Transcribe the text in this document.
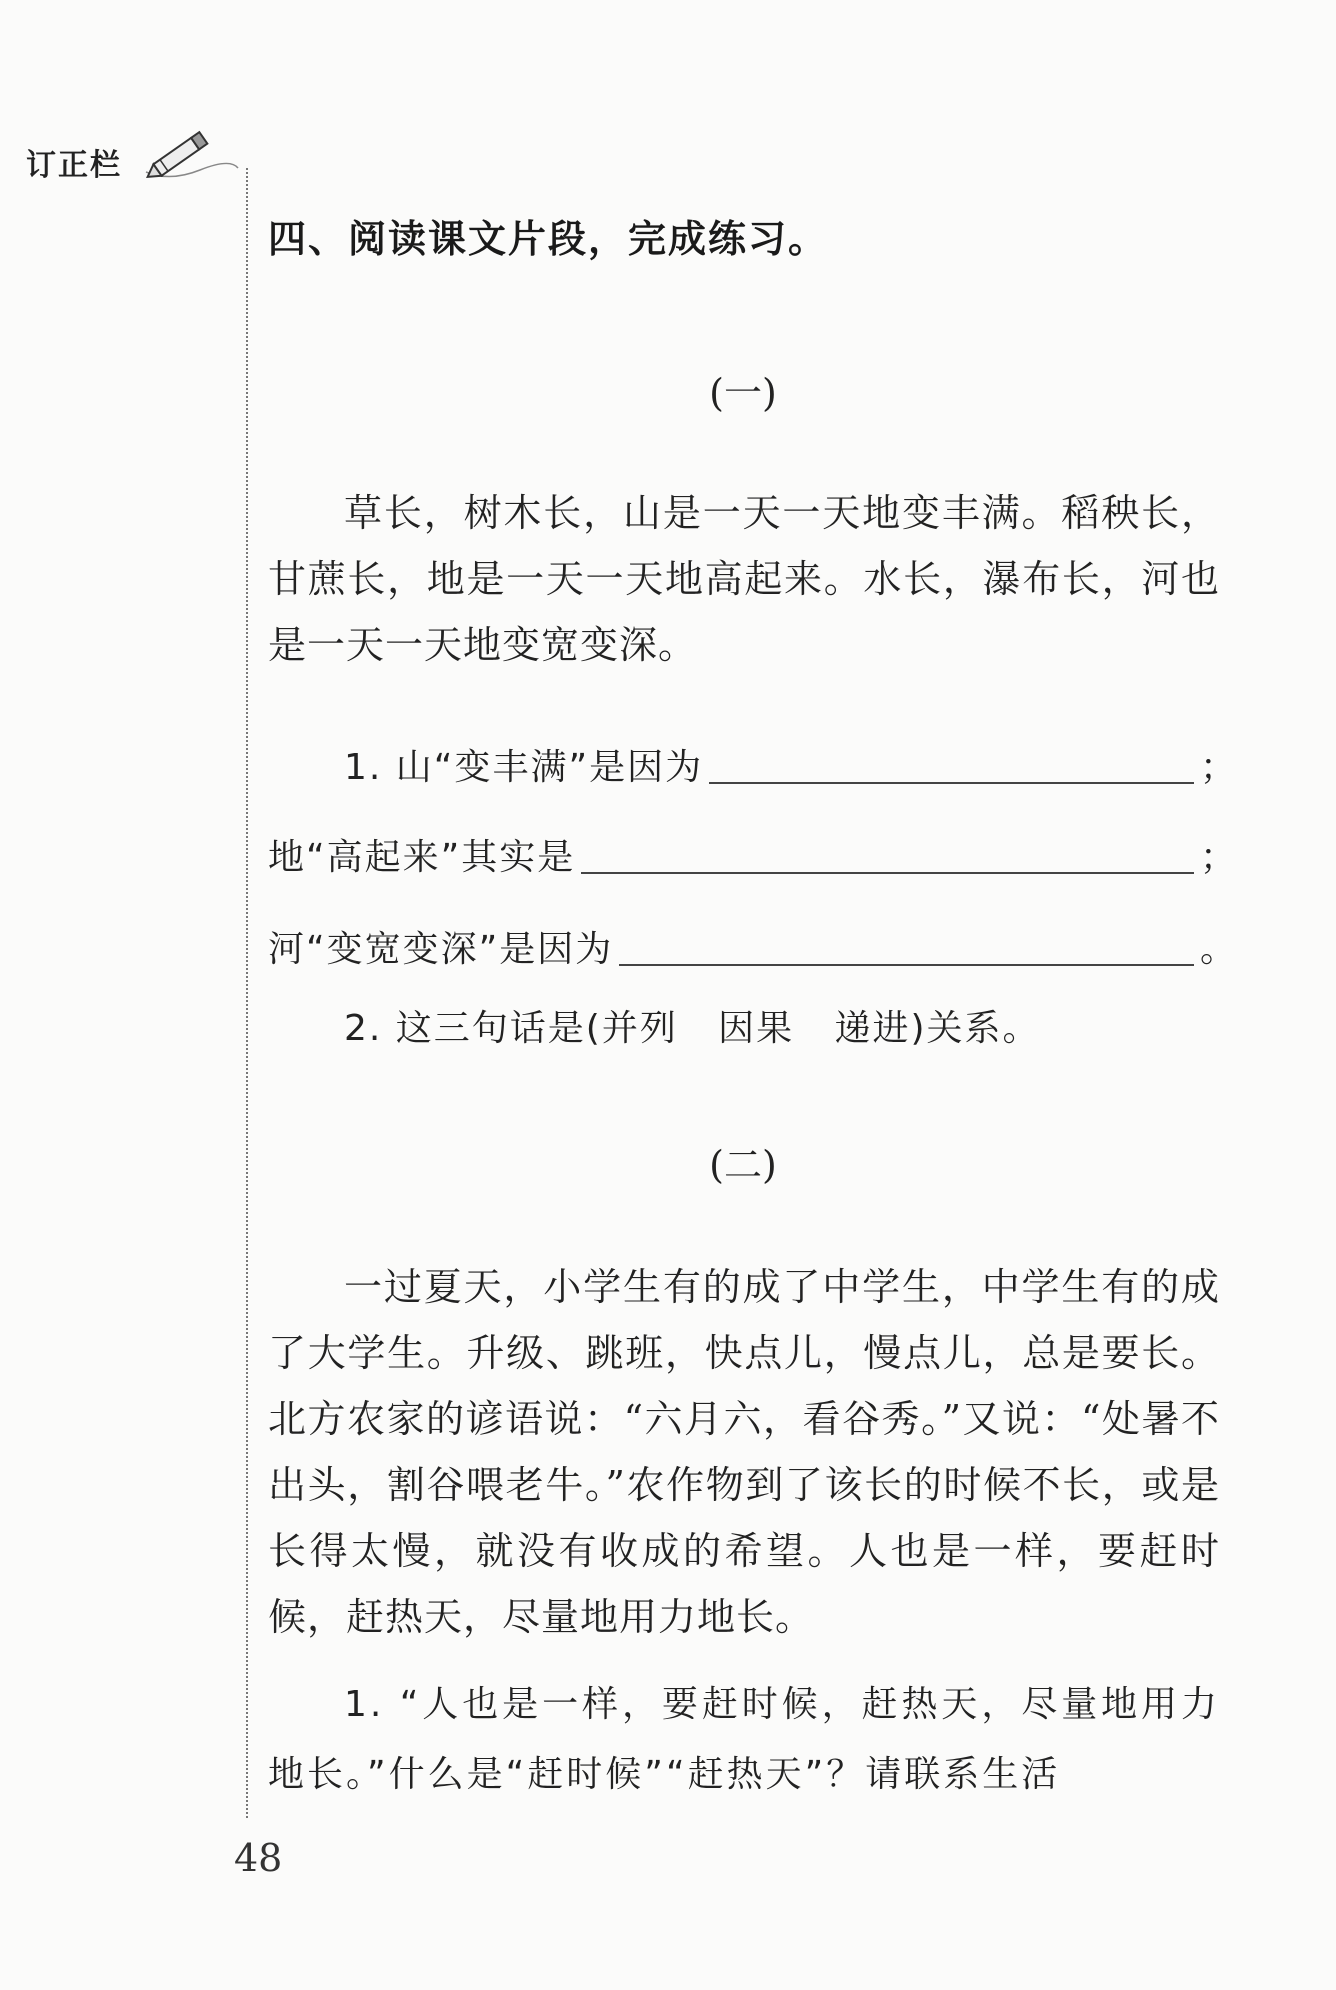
订正栏
四、阅读课文片段，完成练习。
(一)

草长，树木长，山是一天一天地变丰满。稻秧长，甘蔗长，地是一天一天地高起来。水长，瀑布长，河也是一天一天地变宽变深。

1. 山“变丰满”是因为	；
地“高起来”其实是	；
河“变宽变深”是因为	。
2. 这三句话是(并列   因果   递进)关系。
(二)

一过夏天，小学生有的成了中学生，中学生有的成了大学生。升级、跳班，快点儿，慢点儿，总是要长。北方农家的谚语说：“六月六，看谷秀。”又说：“处暑不出头，割谷喂老牛。”农作物到了该长的时候不长，或是长得太慢，就没有收成的希望。人也是一样，要赶时候，赶热天，尽量地用力地长。

1. “人也是一样，要赶时候，赶热天，尽量地用力地长。”什么是“赶时候”“赶热天”？请联系生活

48
